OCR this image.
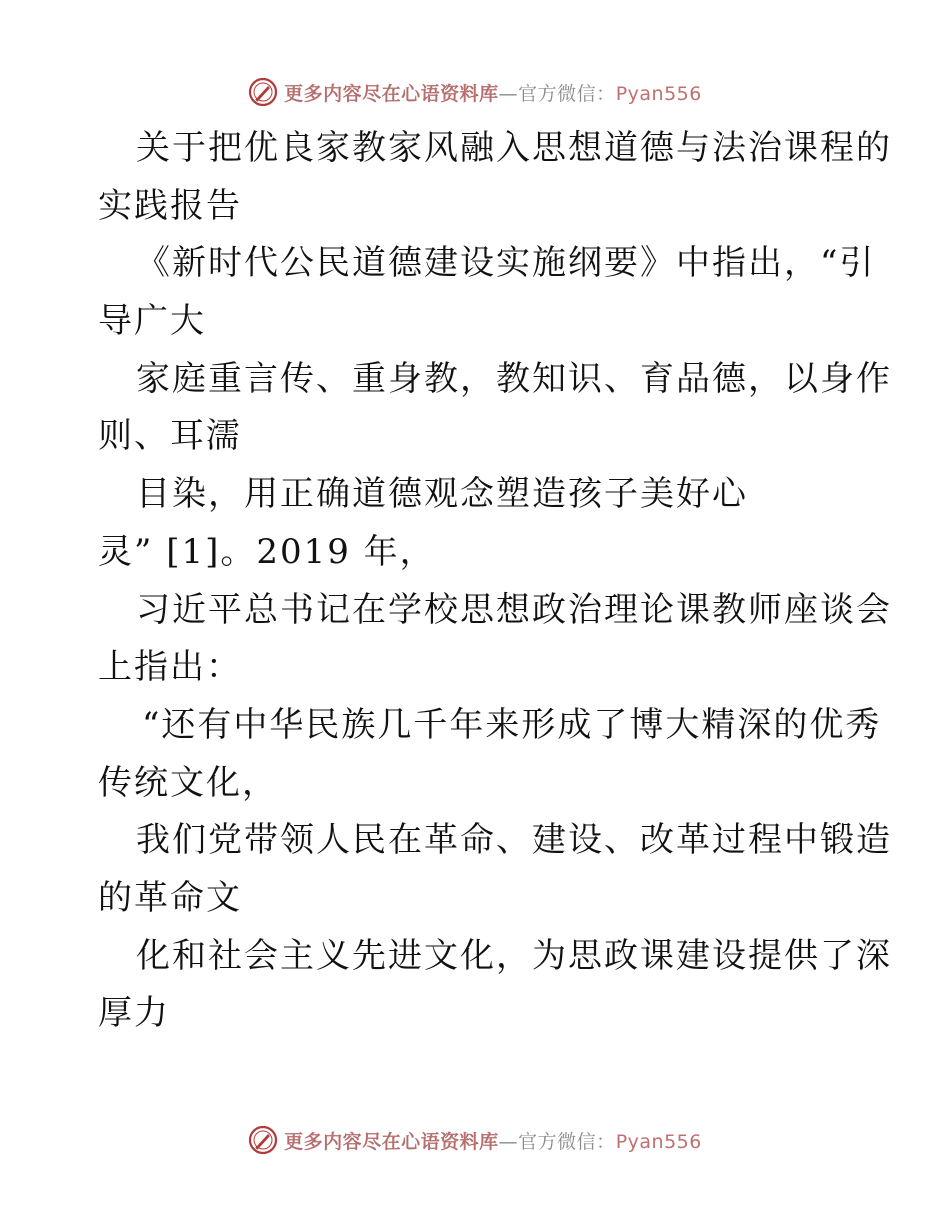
更多内容尽在心语资料库—官方微信：Pyan556
关于把优良家教家风融入思想道德与法治课程的
实践报告
《新时代公民道德建设实施纲要》中指出，“引
导广大
家庭重言传、重身教，教知识、育品德，以身作
则、耳濡
目染，用正确道德观念塑造孩子美好心
灵” [1]。2019 年，
习近平总书记在学校思想政治理论课教师座谈会
上指出：
“还有中华民族几千年来形成了博大精深的优秀
传统文化，
我们党带领人民在革命、建设、改革过程中锻造
的革命文
化和社会主义先进文化，为思政课建设提供了深
厚力
更多内容尽在心语资料库—官方微信：Pyan556
